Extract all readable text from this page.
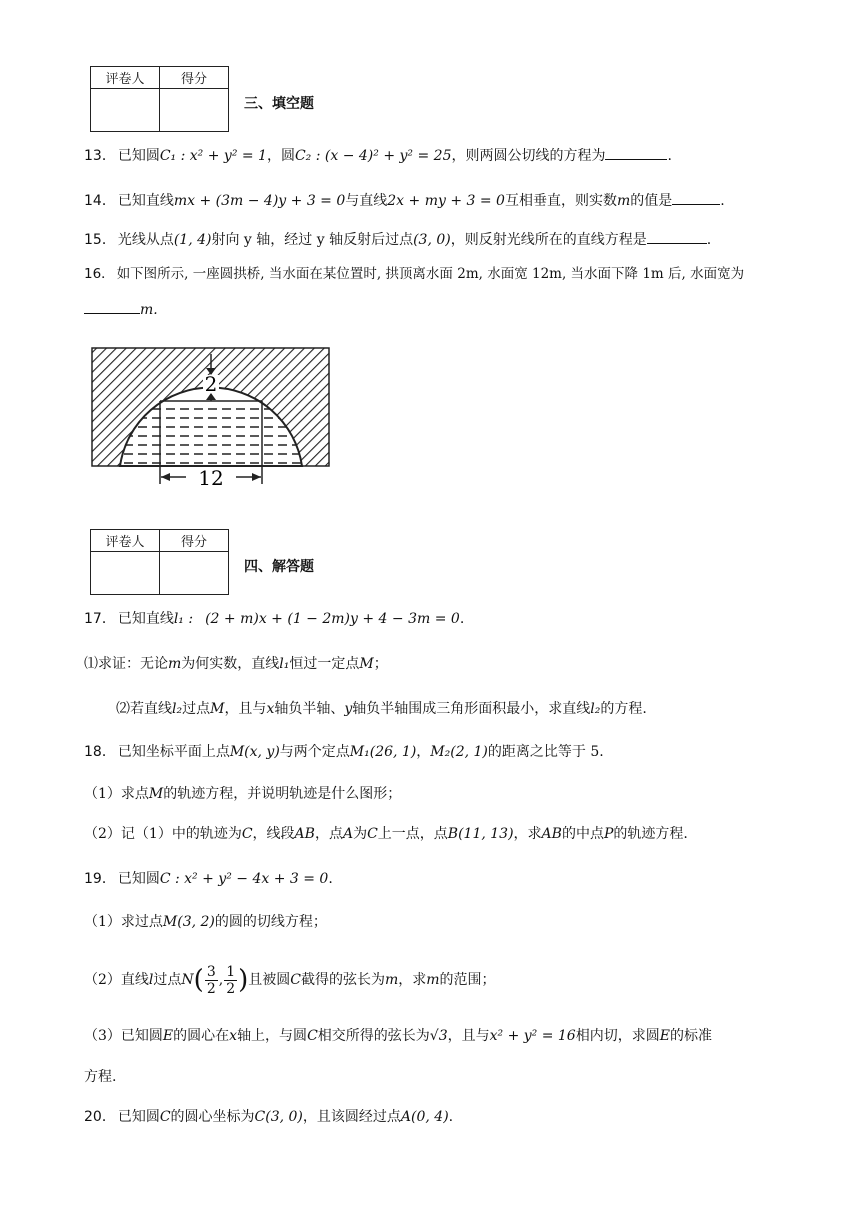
评卷人	得分

三、填空题
13． 已知圆C₁ : x² + y² = 1，圆C₂ : (x − 4)² + y² = 25，则两圆公切线的方程为	.
14． 已知直线mx + (3m − 4)y + 3 = 0与直线2x + my + 3 = 0互相垂直，则实数m的值是	.
15． 光线从点(1, 4)射向 y 轴，经过 y 轴反射后过点(3, 0)，则反射光线所在的直线方程是	.
16． 如下图所示, 一座圆拱桥, 当水面在某位置时, 拱顶离水面 2m, 水面宽 12m, 当水面下降 1m 后, 水面宽为
m.
2
12
评卷人	得分

四、解答题
17． 已知直线l₁ : (2 + m)x + (1 − 2m)y + 4 − 3m = 0.
⑴求证：无论m为何实数，直线l₁恒过一定点M；
⑵若直线l₂过点M，且与x轴负半轴、y轴负半轴围成三角形面积最小，求直线l₂的方程.
18． 已知坐标平面上点M(x, y)与两个定点M₁(26, 1)，M₂(2, 1)的距离之比等于 5.
（1）求点M的轨迹方程，并说明轨迹是什么图形；
（2）记（1）中的轨迹为C，线段AB，点A为C上一点，点B(11, 13)，求AB的中点P的轨迹方程.
19． 已知圆C : x² + y² − 4x + 3 = 0.
（1）求过点M(3, 2)的圆的切线方程；
（2）直线l过点$N( \frac{3}{2}$ , $\frac{1}{2}$ )且被圆C截得的弦长为m，求m的范围；
（3）已知圆E的圆心在x轴上，与圆C相交所得的弦长为√3，且与x² + y² = 16相内切，求圆E的标准
方程.
20． 已知圆C的圆心坐标为C(3, 0)，且该圆经过点A(0, 4).
